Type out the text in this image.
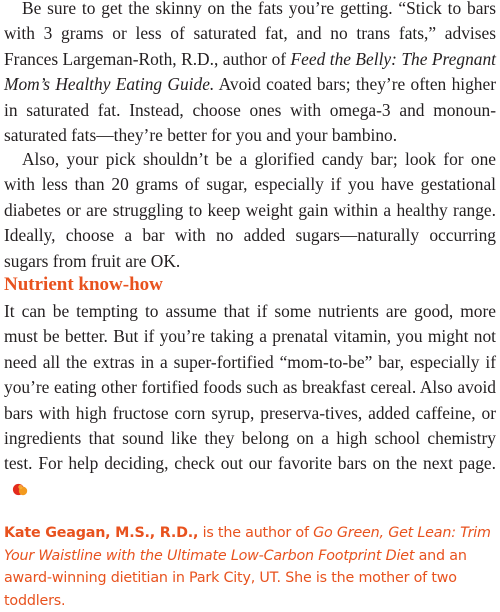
Be sure to get the skinny on the fats you’re getting. “Stick to bars with 3 grams or less of saturated fat, and no trans fats,” advises Frances Largeman-Roth, R.D., author of Feed the Belly: The Pregnant Mom’s Healthy Eating Guide. Avoid coated bars; they’re often higher in saturated fat. Instead, choose ones with omega-3 and monoun-saturated fats—they’re better for you and your bambino.

Also, your pick shouldn’t be a glorified candy bar; look for one with less than 20 grams of sugar, especially if you have gestational diabetes or are struggling to keep weight gain within a healthy range. Ideally, choose a bar with no added sugars—naturally occurring sugars from fruit are OK.

Nutrient know-how

It can be tempting to assume that if some nutrients are good, more must be better. But if you’re taking a prenatal vitamin, you might not need all the extras in a super-fortified “mom-to-be” bar, especially if you’re eating other fortified foods such as breakfast cereal. Also avoid bars with high fructose corn syrup, preserva-tives, added caffeine, or ingredients that sound like they belong on a high school chemistry test. For help deciding, check out our favorite bars on the next page.

Kate Geagan, M.S., R.D., is the author of Go Green, Get Lean: Trim Your Waistline with the Ultimate Low-Carbon Footprint Diet and an award-winning dietitian in Park City, UT. She is the mother of two toddlers.
